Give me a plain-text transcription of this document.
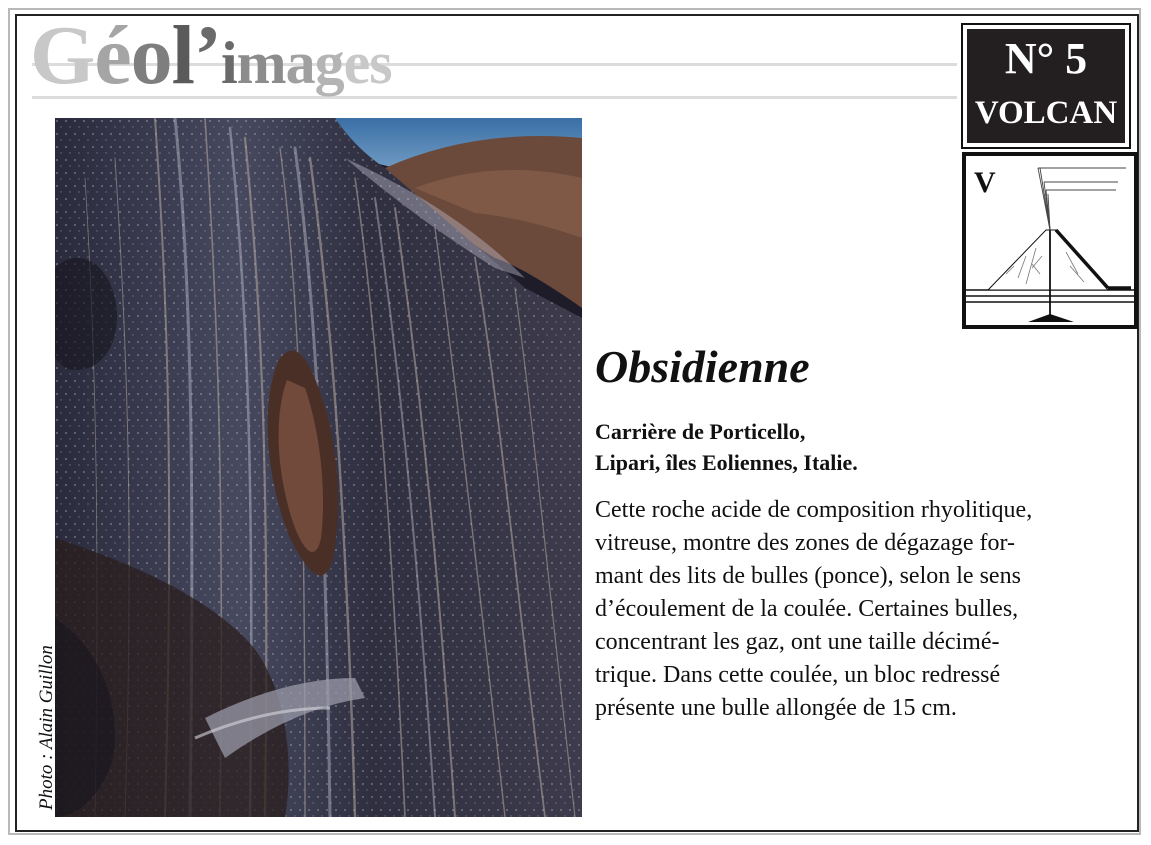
Géol’images	N° 5
VOLCAN
V
Photo : Alain Guillon
Obsidienne
Carrière de Porticello,
Lipari, îles Eoliennes, Italie.
Cette roche acide de composition rhyolitique,
vitreuse, montre des zones de dégazage for-
mant des lits de bulles (ponce), selon le sens
d’écoulement de la coulée. Certaines bulles,
concentrant les gaz, ont une taille décimé-
trique. Dans cette coulée, un bloc redressé
présente une bulle allongée de 15 cm.
